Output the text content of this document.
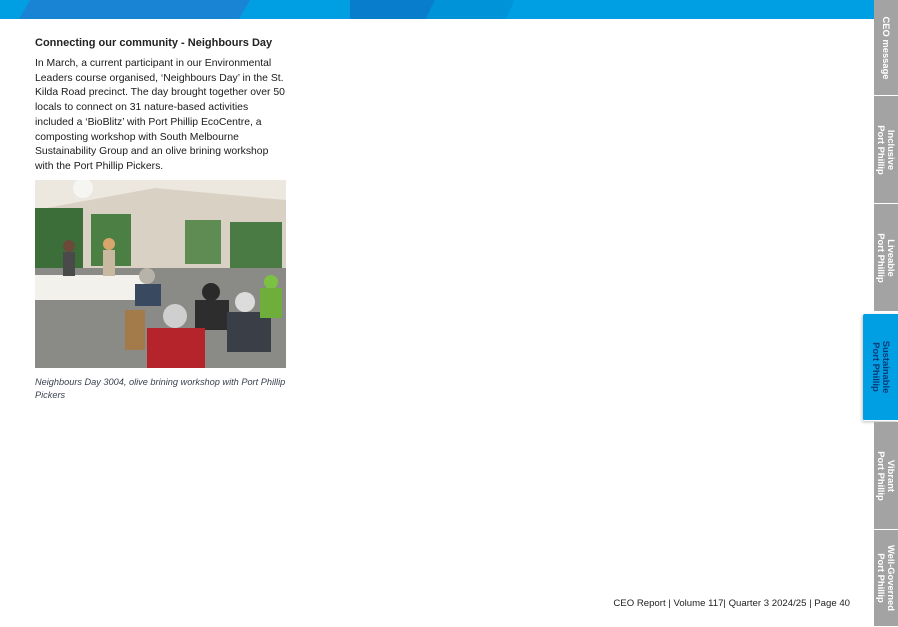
Connecting our community - Neighbours Day

In March, a current participant in our Environmental Leaders course organised, ‘Neighbours Day’ in the St. Kilda Road precinct. The day brought together over 50 locals to connect on 31 nature-based activities included a ‘BioBlitz’ with Port Phillip EcoCentre, a composting workshop with South Melbourne Sustainability Group and an olive brining workshop with the Port Phillip Pickers.

Neighbours Day 3004, olive brining workshop with Port Phillip Pickers
CEO Report | Volume 117| Quarter 3 2024/25 | Page 40
CEO message
Inclusive
Port Phillip
Liveable
Port Phillip
Sustainable
Port Phillip
Vibrant
Port Phillip
Well-Governed
Port Phillip
